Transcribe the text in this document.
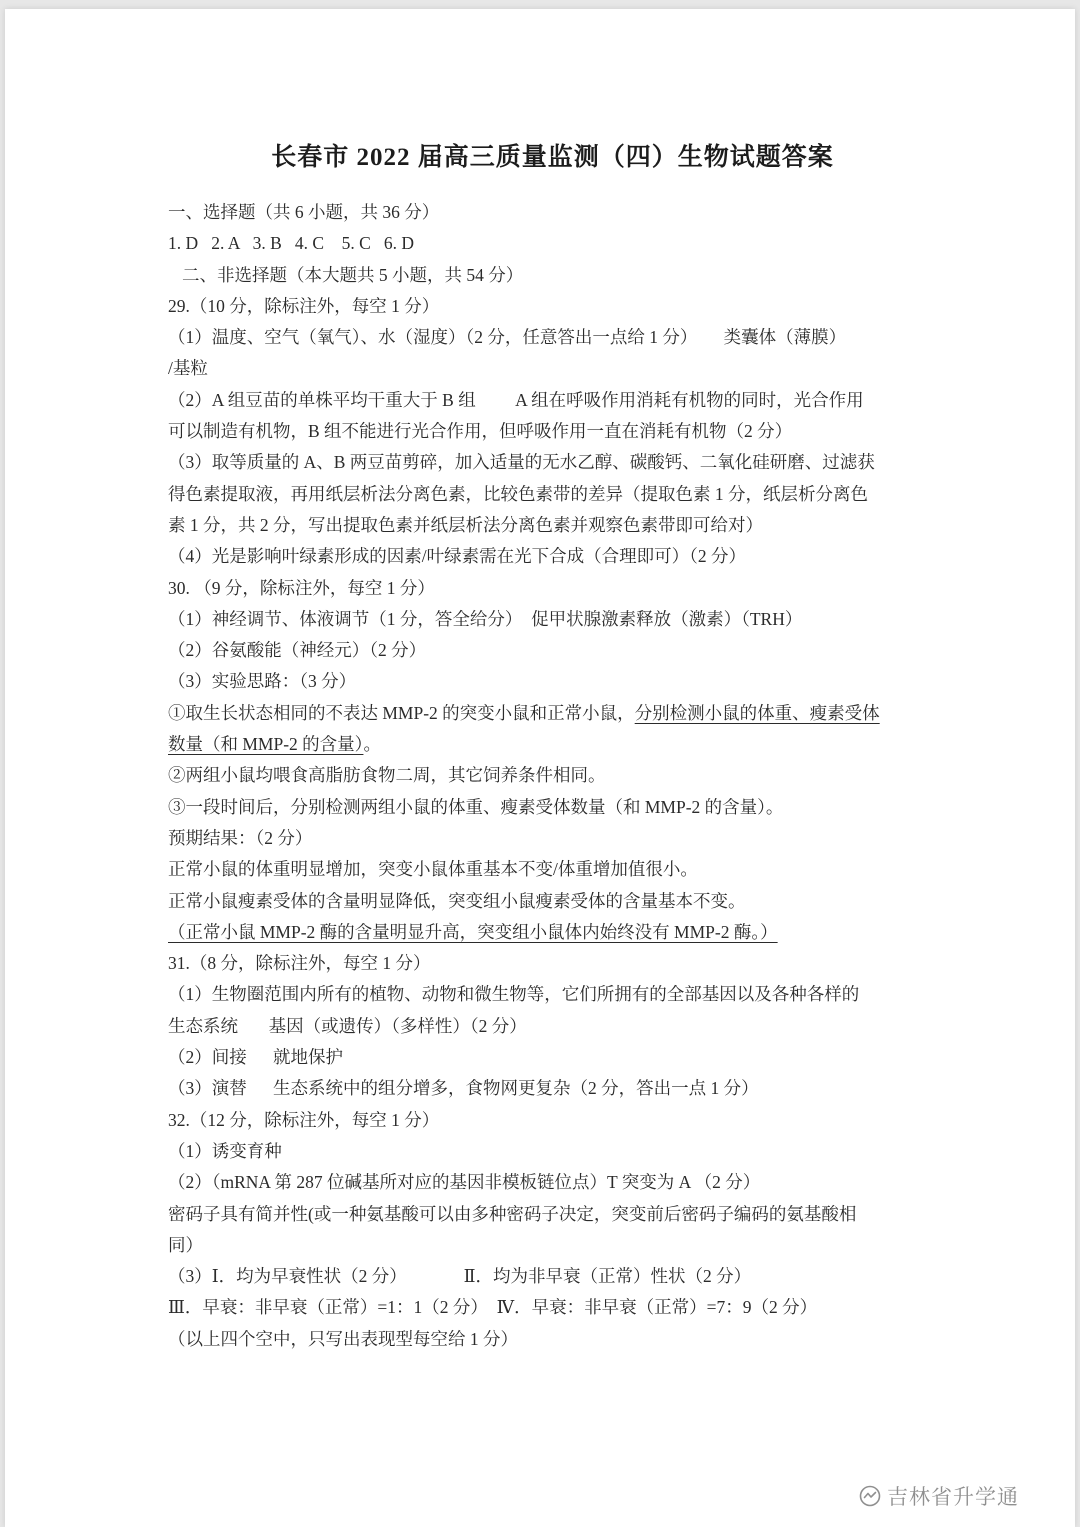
长春市 2022 届高三质量监测（四）生物试题答案
一、选择题（共 6 小题，共 36 分）
1. D   2. A   3. B   4. C    5. C   6. D
二、非选择题（本大题共 5 小题，共 54 分）
29.（10 分，除标注外，每空 1 分）
（1）温度、空气（氧气）、水（湿度）（2 分，任意答出一点给 1 分）      类囊体（薄膜）
/基粒
（2）A 组豆苗的单株平均干重大于 B 组         A 组在呼吸作用消耗有机物的同时，光合作用
可以制造有机物，B 组不能进行光合作用，但呼吸作用一直在消耗有机物（2 分）
（3）取等质量的 A、B 两豆苗剪碎，加入适量的无水乙醇、碳酸钙、二氧化硅研磨、过滤获
得色素提取液，再用纸层析法分离色素，比较色素带的差异（提取色素 1 分，纸层析分离色
素 1 分，共 2 分，写出提取色素并纸层析法分离色素并观察色素带即可给对）
（4）光是影响叶绿素形成的因素/叶绿素需在光下合成（合理即可）（2 分）
30. （9 分，除标注外，每空 1 分）
（1）神经调节、体液调节（1 分，答全给分）  促甲状腺激素释放（激素）（TRH）
（2）谷氨酸能（神经元）（2 分）
（3）实验思路：（3 分）
①取生长状态相同的不表达 MMP-2 的突变小鼠和正常小鼠，分别检测小鼠的体重、瘦素受体
数量（和 MMP-2 的含量）。
②两组小鼠均喂食高脂肪食物二周，其它饲养条件相同。
③一段时间后，分别检测两组小鼠的体重、瘦素受体数量（和 MMP-2 的含量）。
预期结果：（2 分）
正常小鼠的体重明显增加，突变小鼠体重基本不变/体重增加值很小。
正常小鼠瘦素受体的含量明显降低，突变组小鼠瘦素受体的含量基本不变。
（正常小鼠 MMP-2 酶的含量明显升高，突变组小鼠体内始终没有 MMP-2 酶。）
31.（8 分，除标注外，每空 1 分）
（1）生物圈范围内所有的植物、动物和微生物等，它们所拥有的全部基因以及各种各样的
生态系统       基因（或遗传）（多样性）（2 分）
（2）间接      就地保护
（3）演替      生态系统中的组分增多，食物网更复杂（2 分，答出一点 1 分）
32.（12 分，除标注外，每空 1 分）
（1）诱变育种
（2）（mRNA 第 287 位碱基所对应的基因非模板链位点）T 突变为 A （2 分）
密码子具有简并性(或一种氨基酸可以由多种密码子决定，突变前后密码子编码的氨基酸相
同）
（3）Ⅰ．均为早衰性状（2 分）             Ⅱ．均为非早衰（正常）性状（2 分）
Ⅲ．早衰：非早衰（正常）=1：1（2 分）  Ⅳ．早衰：非早衰（正常）=7：9（2 分）
（以上四个空中，只写出表现型每空给 1 分）
吉林省升学通
